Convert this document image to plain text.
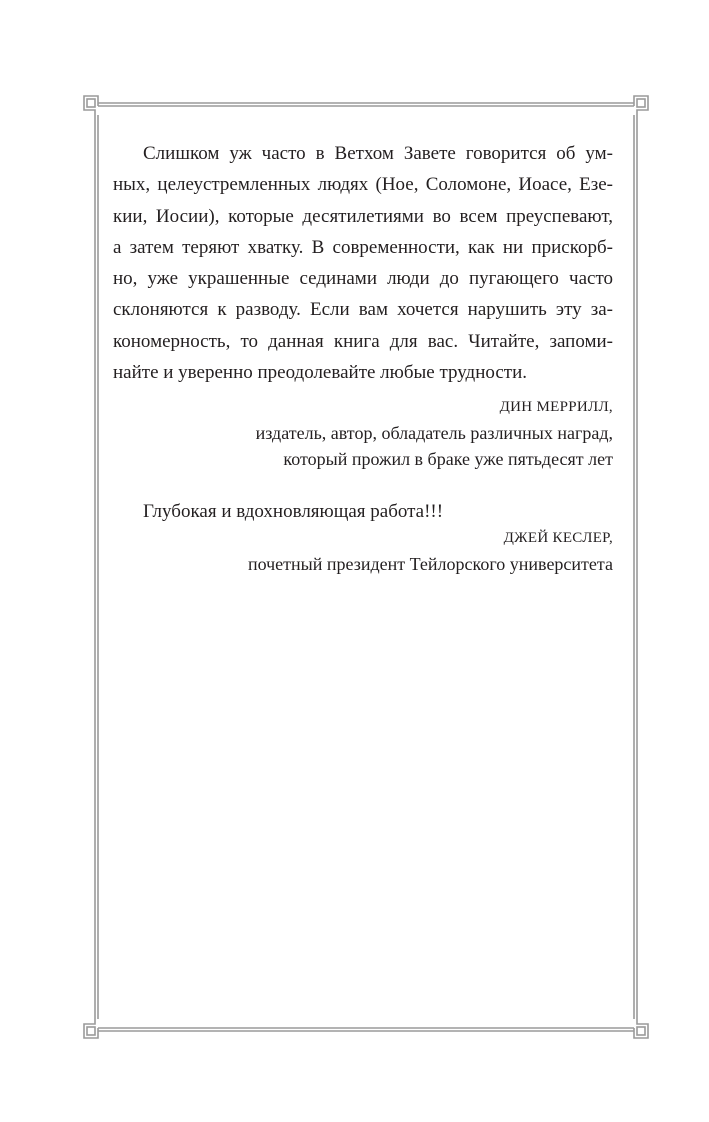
Слишком уж часто в Ветхом Завете говорится об ум-
ных, целеустремленных людях (Ное, Соломоне, Иоасе, Езе-
кии, Иосии), которые десятилетиями во всем преуспевают,
а затем теряют хватку. В современности, как ни прискорб-
но, уже украшенные сединами люди до пугающего часто
склоняются к разводу. Если вам хочется нарушить эту за-
кономерность, то данная книга для вас. Читайте, запоми-
найте и уверенно преодолевайте любые трудности.

ДИН МЕРРИЛЛ,

издатель, автор, обладатель различных наград,

который прожил в браке уже пятьдесят лет

Глубокая и вдохновляющая работа!!!

ДЖЕЙ КЕСЛЕР,

почетный президент Тейлорского университета
